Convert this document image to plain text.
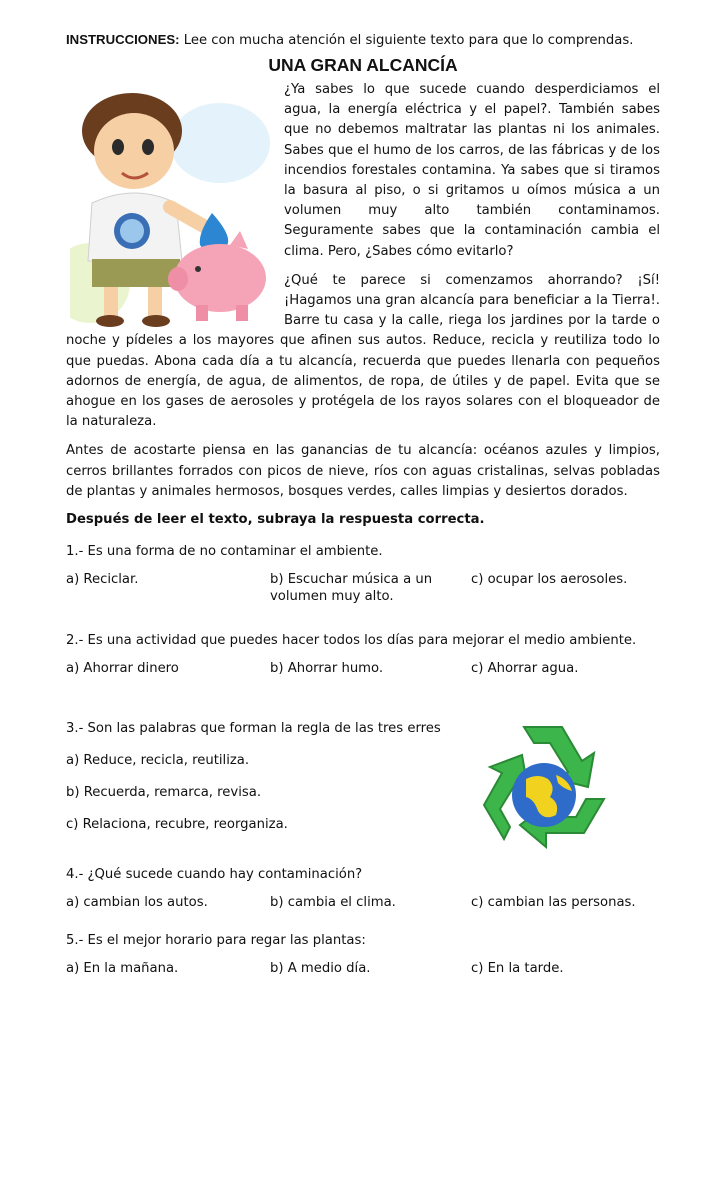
INSTRUCCIONES: Lee con mucha atención el siguiente texto para que lo comprendas.

UNA GRAN ALCANCÍA

¿Ya sabes lo que sucede cuando desperdiciamos el agua, la energía eléctrica y el papel?. También sabes que no debemos maltratar las plantas ni los animales. Sabes que el humo de los carros, de las fábricas y de los incendios forestales contamina. Ya sabes que si tiramos la basura al piso, o si gritamos u oímos música a un volumen muy alto también contaminamos. Seguramente sabes que la contaminación cambia el clima. Pero, ¿Sabes cómo evitarlo?

¿Qué te parece si comenzamos ahorrando? ¡Sí! ¡Hagamos una gran alcancía para beneficiar a la Tierra!. Barre tu casa y la calle, riega los jardines por la tarde o noche y pídeles a los mayores que afinen sus autos. Reduce, recicla y reutiliza todo lo que puedas. Abona cada día a tu alcancía, recuerda que puedes llenarla con pequeños adornos de energía, de agua, de alimentos, de ropa, de útiles y de papel. Evita que se ahogue en los gases de aerosoles y protégela de los rayos solares con el bloqueador de la naturaleza.

Antes de acostarte piensa en las ganancias de tu alcancía: océanos azules y limpios, cerros brillantes forrados con picos de nieve, ríos con aguas cristalinas, selvas pobladas de plantas y animales hermosos, bosques verdes, calles limpias y desiertos dorados.

Después de leer el texto, subraya la respuesta correcta.

1.- Es una forma de no contaminar el ambiente.
a) Reciclar.	b) Escuchar música a un volumen muy alto.
c) ocupar los aerosoles.
2.- Es una actividad que puedes hacer todos los días para mejorar el medio ambiente.
a) Ahorrar dinero	b) Ahorrar humo.	c) Ahorrar agua.
3.- Son las palabras que forman la regla de las tres erres
a) Reduce, recicla, reutiliza.
b) Recuerda, remarca, revisa.
c) Relaciona, recubre, reorganiza.
4.- ¿Qué sucede cuando hay contaminación?
a) cambian los autos.	b) cambia el clima.	c) cambian las personas.
5.- Es el mejor horario para regar las plantas:
a) En la mañana.	b) A medio día.	c) En la tarde.
